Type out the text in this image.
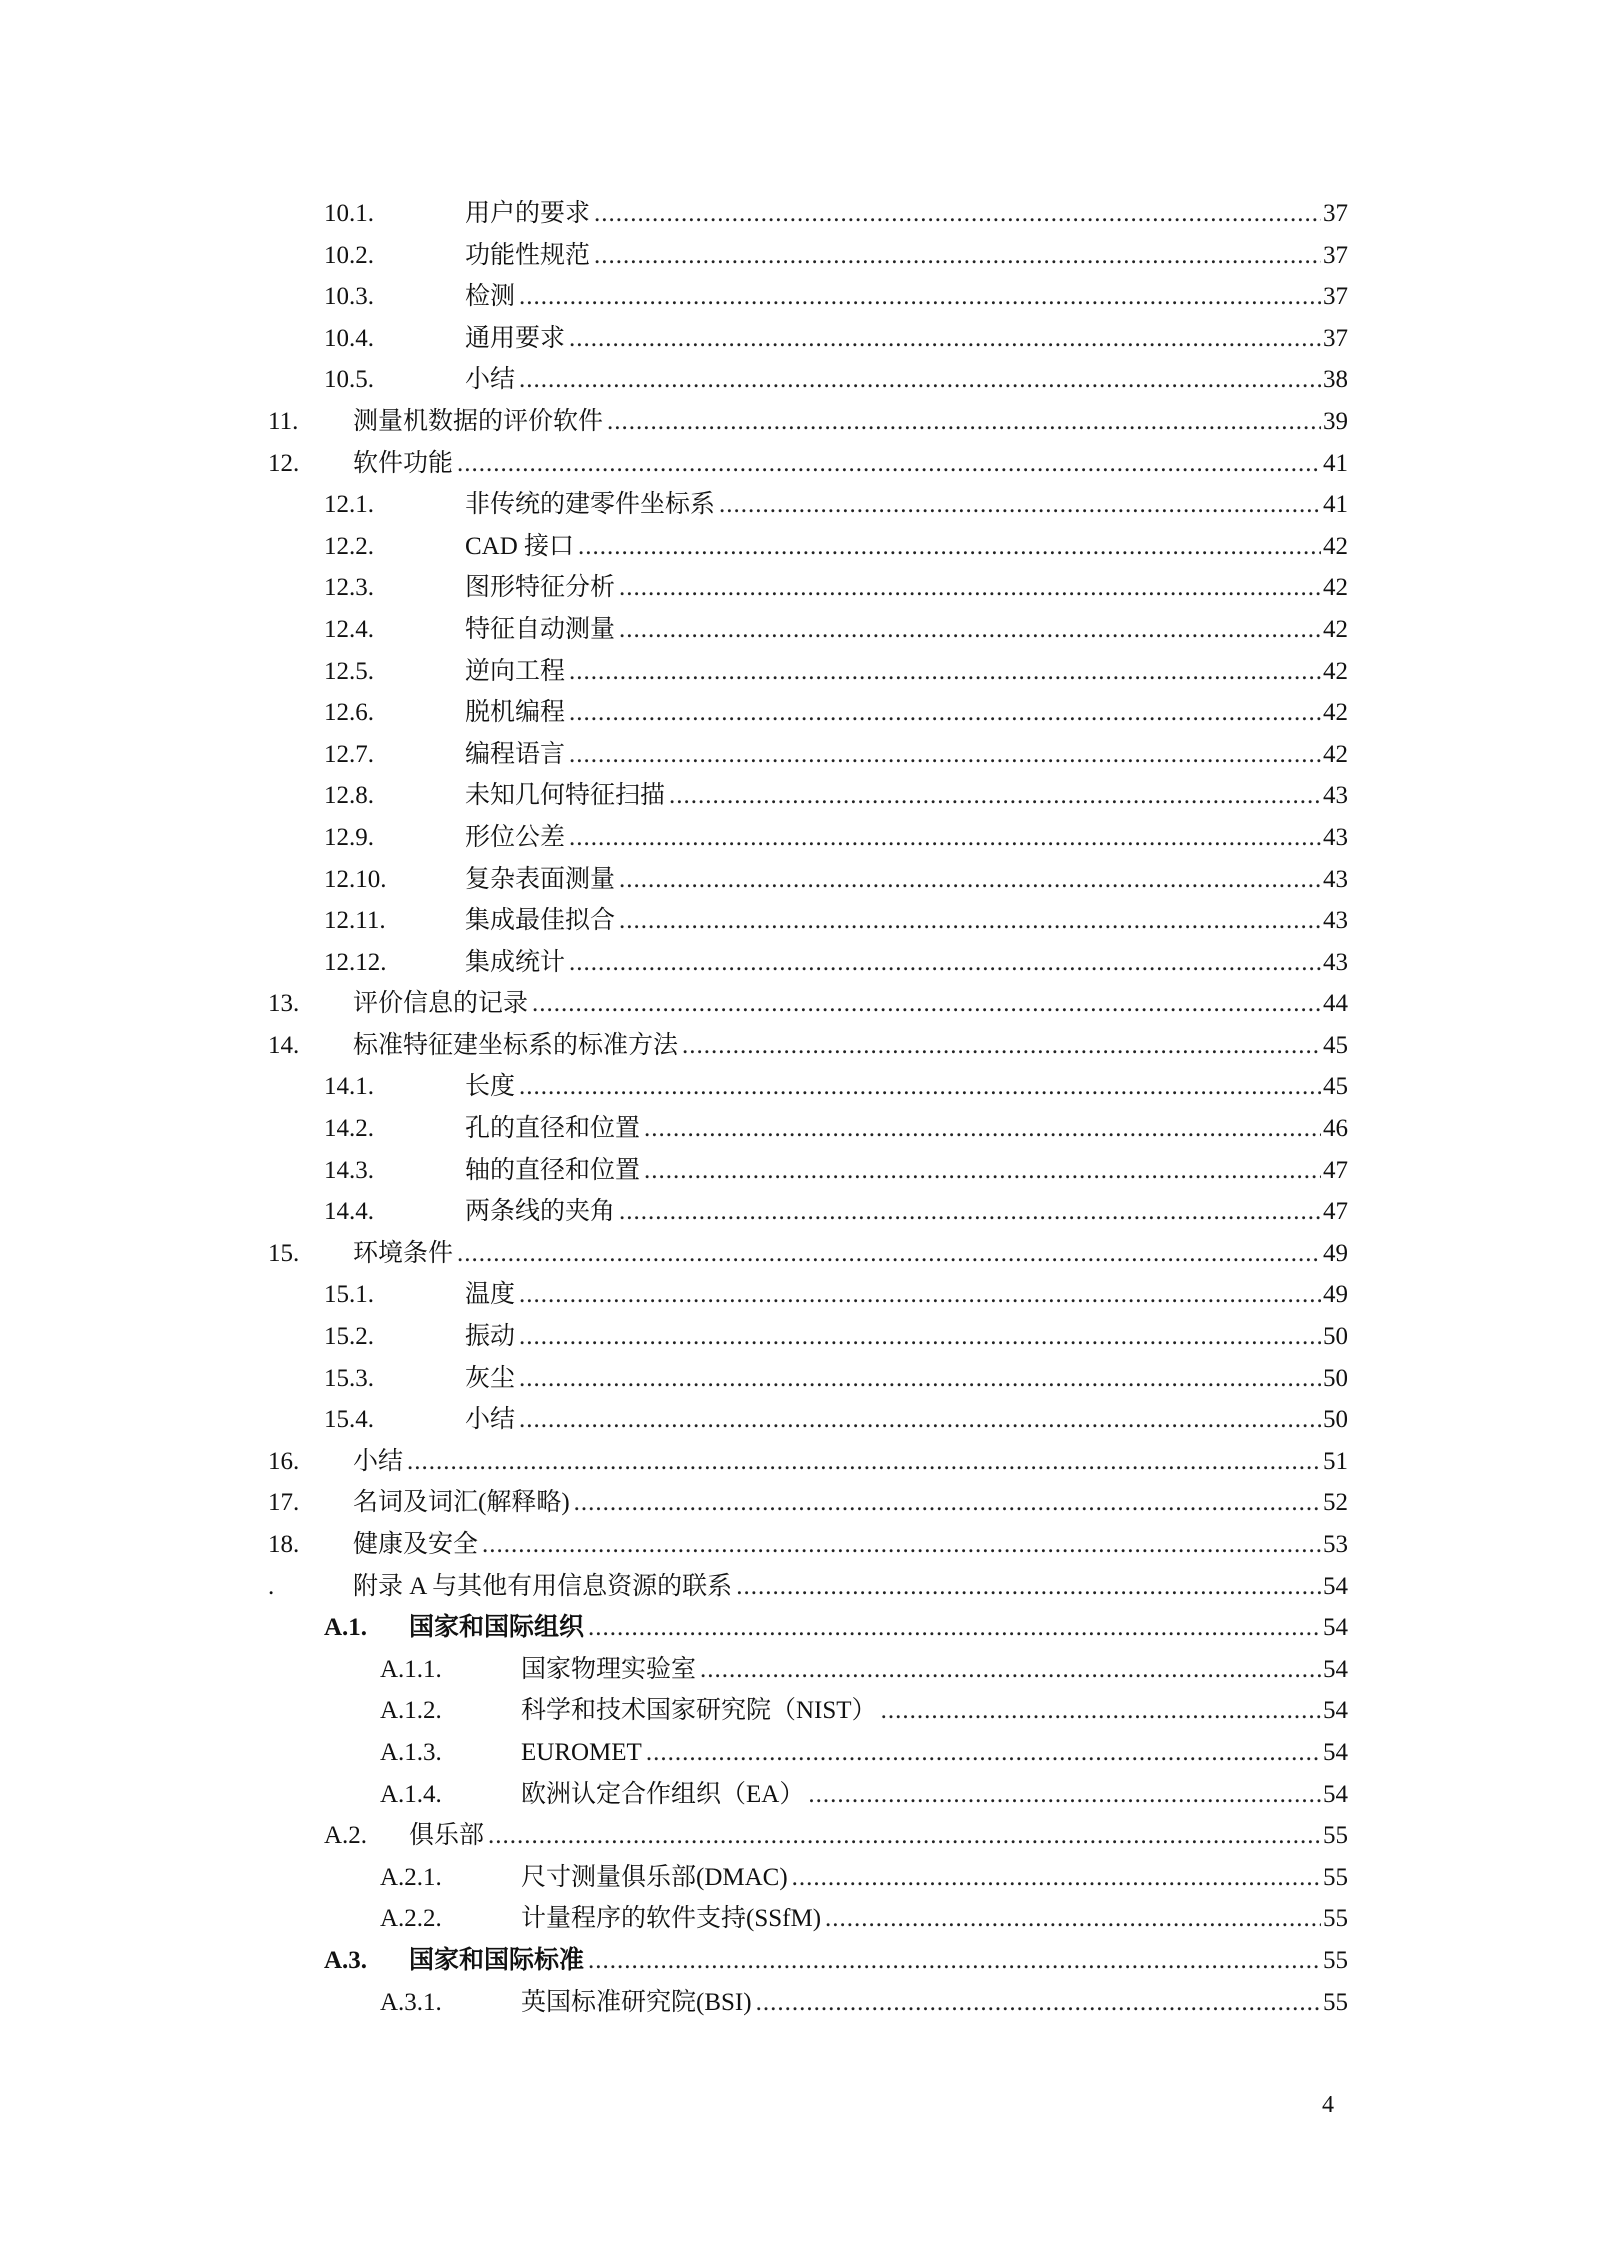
10.1.	用户的要求 .....	37
10.2.	功能性规范 .....	37
10.3.	检测 .....	37
10.4.	通用要求 .....	37
10.5.	小结 .....	38
11. 测量机数据的评价软件 .....	39
12. 软件功能 .....	41
12.1.	非传统的建零件坐标系 .....	41
12.2.	CAD 接口 .....	42
12.3.	图形特征分析 .....	42
12.4.	特征自动测量 .....	42
12.5.	逆向工程 .....	42
12.6.	脱机编程 .....	42
12.7.	编程语言 .....	42
12.8.	未知几何特征扫描 .....	43
12.9.	形位公差 .....	43
12.10.	复杂表面测量 .....	43
12.11.	集成最佳拟合 .....	43
12.12.	集成统计 .....	43
13. 评价信息的记录 .....	44
14. 标准特征建坐标系的标准方法 .....	45
14.1.	长度 .....	45
14.2.	孔的直径和位置 .....	46
14.3.	轴的直径和位置 .....	47
14.4.	两条线的夹角 .....	47
15. 环境条件 .....	49
15.1.	温度 .....	49
15.2.	振动 .....	50
15.3.	灰尘 .....	50
15.4.	小结 .....	50
16. 小结 .....	51
17. 名词及词汇(解释略) .....	52
18. 健康及安全 .....	53
.	附录 A 与其他有用信息资源的联系 .....	54
A.1. 国家和国际组织 .....	54
A.1.1.	国家物理实验室 .....	54
A.1.2.	科学和技术国家研究院（NIST） .....	54
A.1.3.	EUROMET .....	54
A.1.4.	欧洲认定合作组织（EA） .....	54
A.2. 俱乐部 .....	55
A.2.1.	尺寸测量俱乐部(DMAC) .....	55
A.2.2.	计量程序的软件支持(SSfM) .....	55
A.3. 国家和国际标准 .....	55
A.3.1.	英国标准研究院(BSI) .....	55
4
